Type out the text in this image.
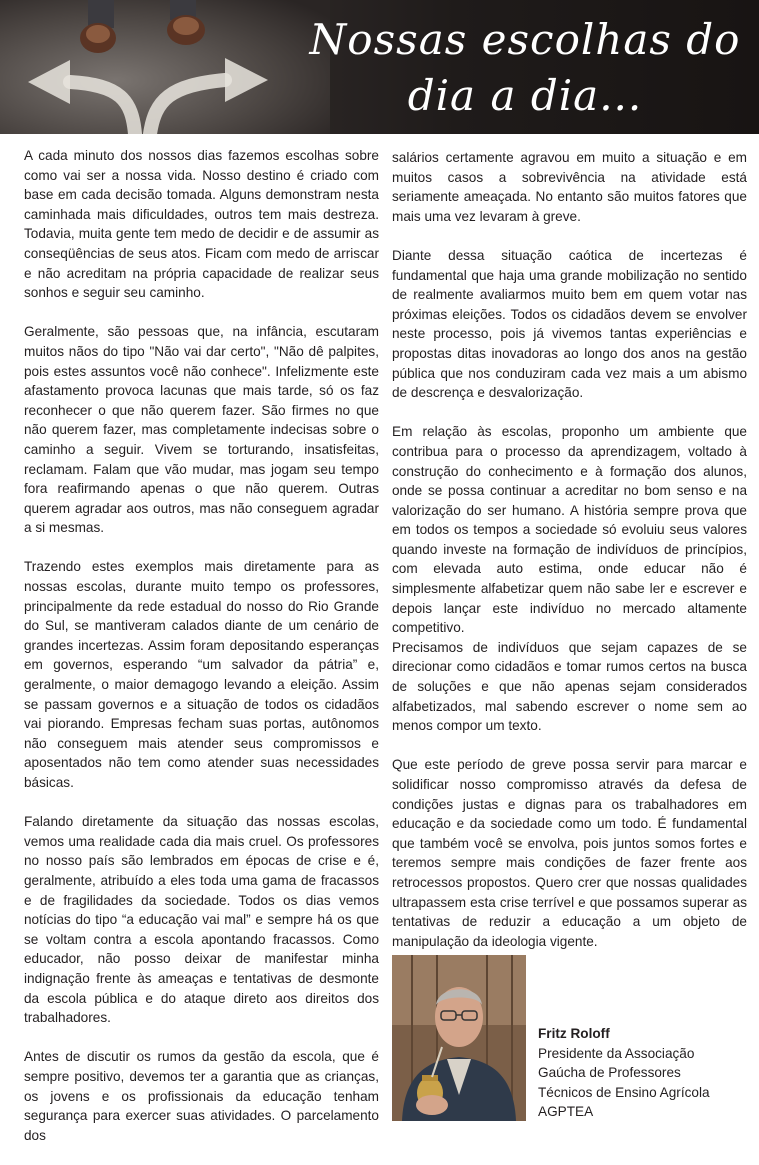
Nossas escolhas do
dia a dia...

A cada minuto dos nossos dias fazemos escolhas sobre como vai ser a nossa vida. Nosso destino é criado com base em cada decisão tomada. Alguns demonstram nesta caminhada mais dificuldades, outros tem mais destreza. Todavia, muita gente tem medo de decidir e de assumir as conseqüências de seus atos. Ficam com medo de arriscar e não acreditam na própria capacidade de realizar seus sonhos e seguir seu caminho.

Geralmente, são pessoas que, na infância, escutaram muitos nãos do tipo "Não vai dar certo", "Não dê palpites, pois estes assuntos você não conhece". Infelizmente este afastamento provoca lacunas que mais tarde, só os faz reconhecer o que não querem fazer. São firmes no que não querem fazer, mas completamente indecisas sobre o caminho a seguir. Vivem se torturando, insatisfeitas, reclamam. Falam que vão mudar, mas jogam seu tempo fora reafirmando apenas o que não querem. Outras querem agradar aos outros, mas não conseguem agradar a si mesmas.

Trazendo estes exemplos mais diretamente para as nossas escolas, durante muito tempo os professores, principalmente da rede estadual do nosso do Rio Grande do Sul, se mantiveram calados diante de um cenário de grandes incertezas. Assim foram depositando esperanças em governos, esperando “um salvador da pátria” e, geralmente, o maior demagogo levando a eleição. Assim se passam governos e a situação de todos os cidadãos vai piorando. Empresas fecham suas portas, autônomos não conseguem mais atender seus compromissos e aposentados não tem como atender suas necessidades básicas.

Falando diretamente da situação das nossas escolas, vemos uma realidade cada dia mais cruel. Os professores no nosso país são lembrados em épocas de crise e é, geralmente, atribuído a eles toda uma gama de fracassos e de fragilidades da sociedade. Todos os dias vemos notícias do tipo “a educação vai mal” e sempre há os que se voltam contra a escola apontando fracassos. Como educador, não posso deixar de manifestar minha indignação frente às ameaças e tentativas de desmonte da escola pública e do ataque direto aos direitos dos trabalhadores.

Antes de discutir os rumos da gestão da escola, que é sempre positivo, devemos ter a garantia que as crianças, os jovens e os profissionais da educação tenham segurança para exercer suas atividades. O parcelamento dos

salários certamente agravou em muito a situação e em muitos casos a sobrevivência na atividade está seriamente ameaçada. No entanto são muitos fatores que mais uma vez levaram à greve.

Diante dessa situação caótica de incertezas é fundamental que haja uma grande mobilização no sentido de realmente avaliarmos muito bem em quem votar nas próximas eleições. Todos os cidadãos devem se envolver neste processo, pois já vivemos tantas experiências e propostas ditas inovadoras ao longo dos anos na gestão pública que nos conduziram cada vez mais a um abismo de descrença e desvalorização.

Em relação às escolas, proponho um ambiente que contribua para o processo da aprendizagem, voltado à construção do conhecimento e à formação dos alunos, onde se possa continuar a acreditar no bom senso e na valorização do ser humano. A história sempre prova que em todos os tempos a sociedade só evoluiu seus valores quando investe na formação de indivíduos de princípios, com elevada auto estima, onde educar não é simplesmente alfabetizar quem não sabe ler e escrever e depois lançar este indivíduo no mercado altamente competitivo.

Precisamos de indivíduos que sejam capazes de se direcionar como cidadãos e tomar rumos certos na busca de soluções e que não apenas sejam considerados alfabetizados, mal sabendo escrever o nome sem ao menos compor um texto.

Que este período de greve possa servir para marcar e solidificar nosso compromisso através da defesa de condições justas e dignas para os trabalhadores em educação e da sociedade como um todo. É fundamental que também você se envolva, pois juntos somos fortes e teremos sempre mais condições de fazer frente aos retrocessos propostos. Quero crer que nossas qualidades ultrapassem esta crise terrível e que possamos superar as tentativas de reduzir a educação a um objeto de manipulação da ideologia vigente.

Fritz Roloff
Presidente da Associação
Gaúcha de Professores
Técnicos de Ensino Agrícola
AGPTEA
